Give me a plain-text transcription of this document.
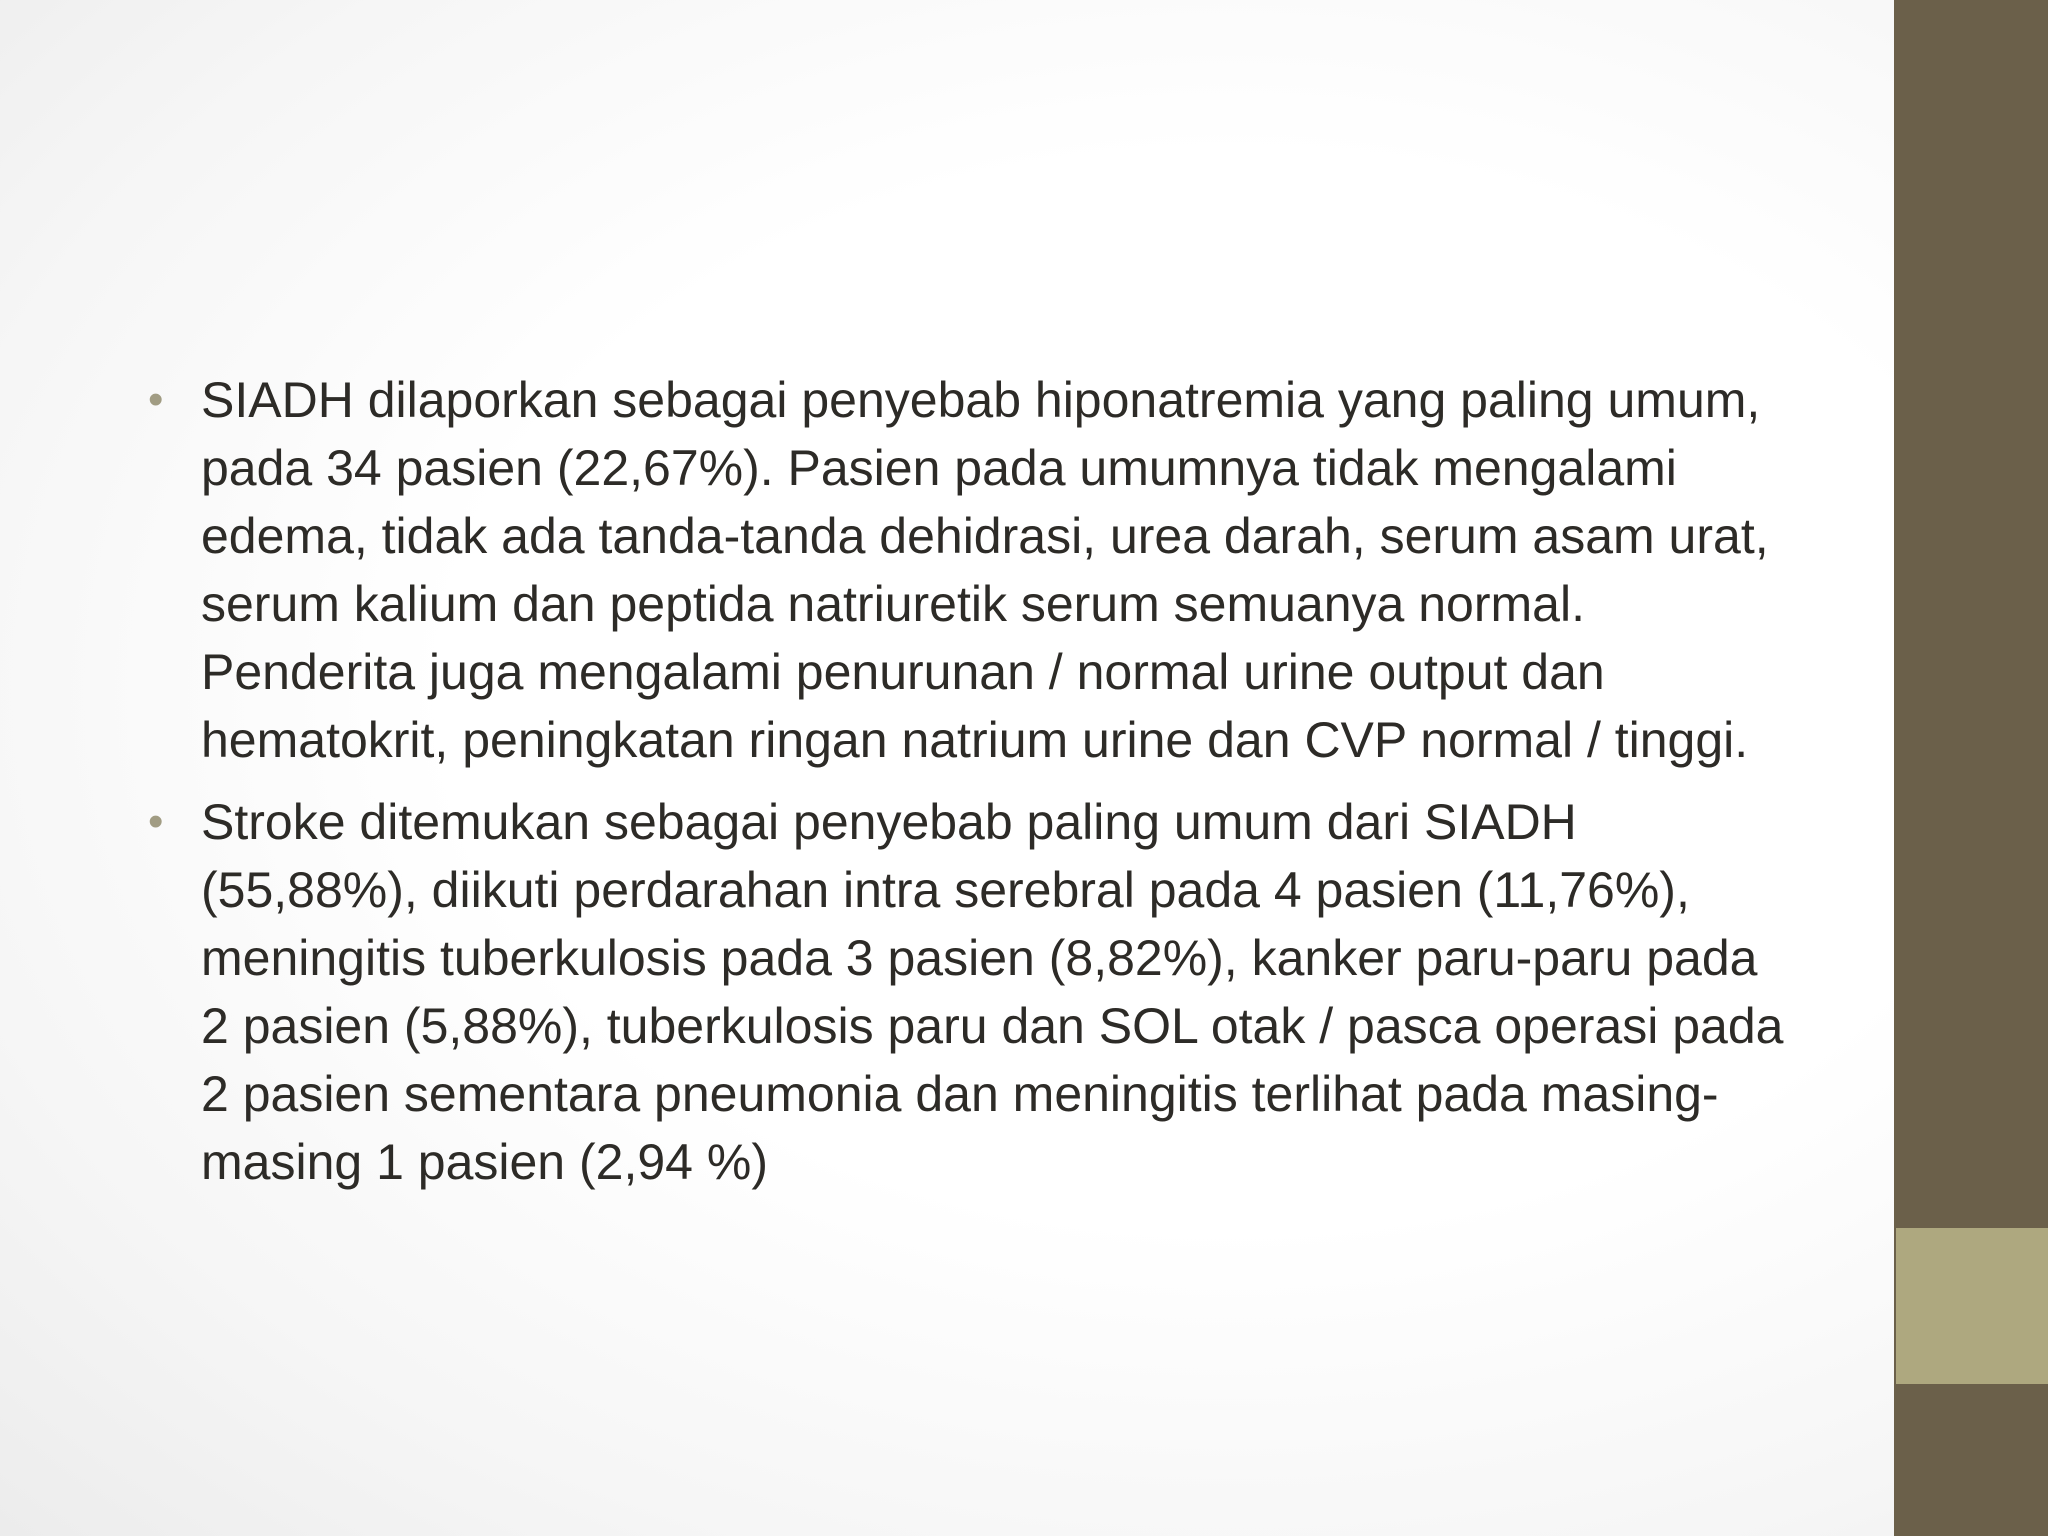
• SIADH dilaporkan sebagai penyebab hiponatremia yang paling umum, pada 34 pasien (22,67%). Pasien pada umumnya tidak mengalami edema, tidak ada tanda-tanda dehidrasi, urea darah, serum asam urat, serum kalium dan peptida natriuretik serum semuanya normal. Penderita juga mengalami penurunan / normal urine output dan hematokrit, peningkatan ringan natrium urine dan CVP normal / tinggi.
• Stroke ditemukan sebagai penyebab paling umum dari SIADH (55,88%), diikuti perdarahan intra serebral pada 4 pasien (11,76%), meningitis tuberkulosis pada 3 pasien (8,82%), kanker paru-paru pada 2 pasien (5,88%), tuberkulosis paru dan SOL otak / pasca operasi pada 2 pasien sementara pneumonia dan meningitis terlihat pada masing-masing 1 pasien (2,94 %)
